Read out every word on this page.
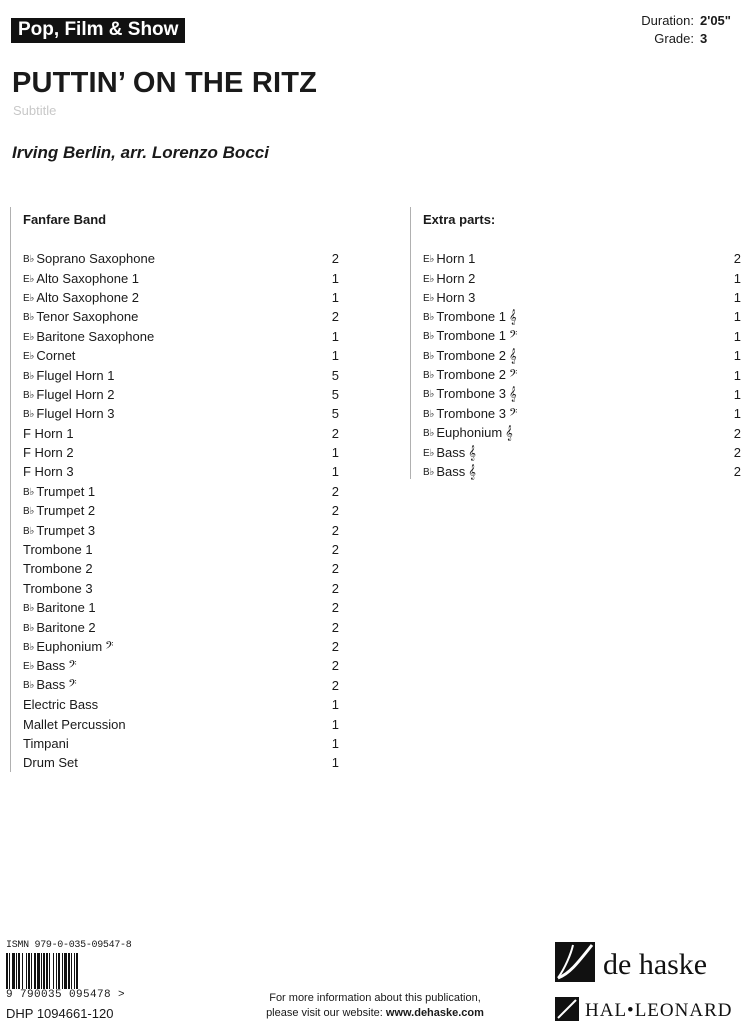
Pop, Film & Show	Duration: 2'05"
Grade: 3
PUTTIN’ ON THE RITZ
Subtitle
Irving Berlin, arr. Lorenzo Bocci
Fanfare Band
B♭ Soprano Saxophone	2
E♭ Alto Saxophone 1	1
E♭ Alto Saxophone 2	1
B♭ Tenor Saxophone	2
E♭ Baritone Saxophone	1
E♭ Cornet	1
B♭ Flugel Horn 1	5
B♭ Flugel Horn 2	5
B♭ Flugel Horn 3	5
F Horn 1	2
F Horn 2	1
F Horn 3	1
B♭ Trumpet 1	2
B♭ Trumpet 2	2
B♭ Trumpet 3	2
Trombone 1	2
Trombone 2	2
Trombone 3	2
B♭ Baritone 1	2
B♭ Baritone 2	2
B♭ Euphonium 𝄢	2
E♭ Bass 𝄢	2
B♭ Bass 𝄢	2
Electric Bass	1
Mallet Percussion	1
Timpani	1
Drum Set	1
Extra parts:
E♭ Horn 1	2
E♭ Horn 2	1
E♭ Horn 3	1
B♭ Trombone 1 𝄞	1
B♭ Trombone 1 𝄢	1
B♭ Trombone 2 𝄞	1
B♭ Trombone 2 𝄢	1
B♭ Trombone 3 𝄞	1
B♭ Trombone 3 𝄢	1
B♭ Euphonium 𝄞	2
E♭ Bass 𝄞	2
B♭ Bass 𝄞	2
ISMN 979-0-035-09547-8
9 790035 095478 >
DHP 1094661-120
For more information about this publication,
please visit our website: www.dehaske.com
de haske
HAL•LEONARD
